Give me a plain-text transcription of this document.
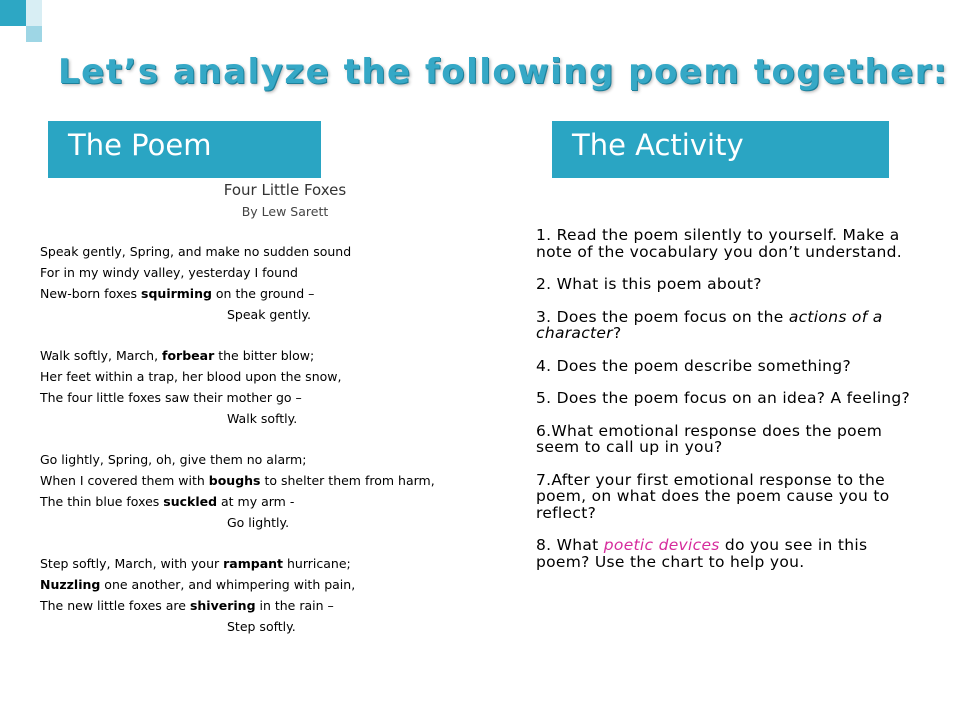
Let’s analyze the following poem together:
The Poem	The Activity
Four Little Foxes
By Lew Sarett
Speak gently, Spring, and make no sudden sound
For in my windy valley, yesterday I found
New-born foxes squirming on the ground –
Speak gently.
Walk softly, March, forbear the bitter blow;
Her feet within a trap, her blood upon the snow,
The four little foxes saw their mother go –
Walk softly.
Go lightly, Spring, oh, give them no alarm;
When I covered them with boughs to shelter them from harm,
The thin blue foxes suckled at my arm -
Go lightly.
Step softly, March, with your rampant hurricane;
Nuzzling one another, and whimpering with pain,
The new little foxes are shivering in the rain –
Step softly.

1. Read the poem silently to yourself. Make a note of the vocabulary you don’t understand.

2. What is this poem about?

3. Does the poem focus on the actions of a character?

4. Does the poem describe something?

5. Does the poem focus on an idea? A feeling?

6.What emotional response does the poem seem to call up in you?

7.After your first emotional response to the poem, on what does the poem cause you to reflect?

8. What poetic devices do you see in this poem? Use the chart to help you.
